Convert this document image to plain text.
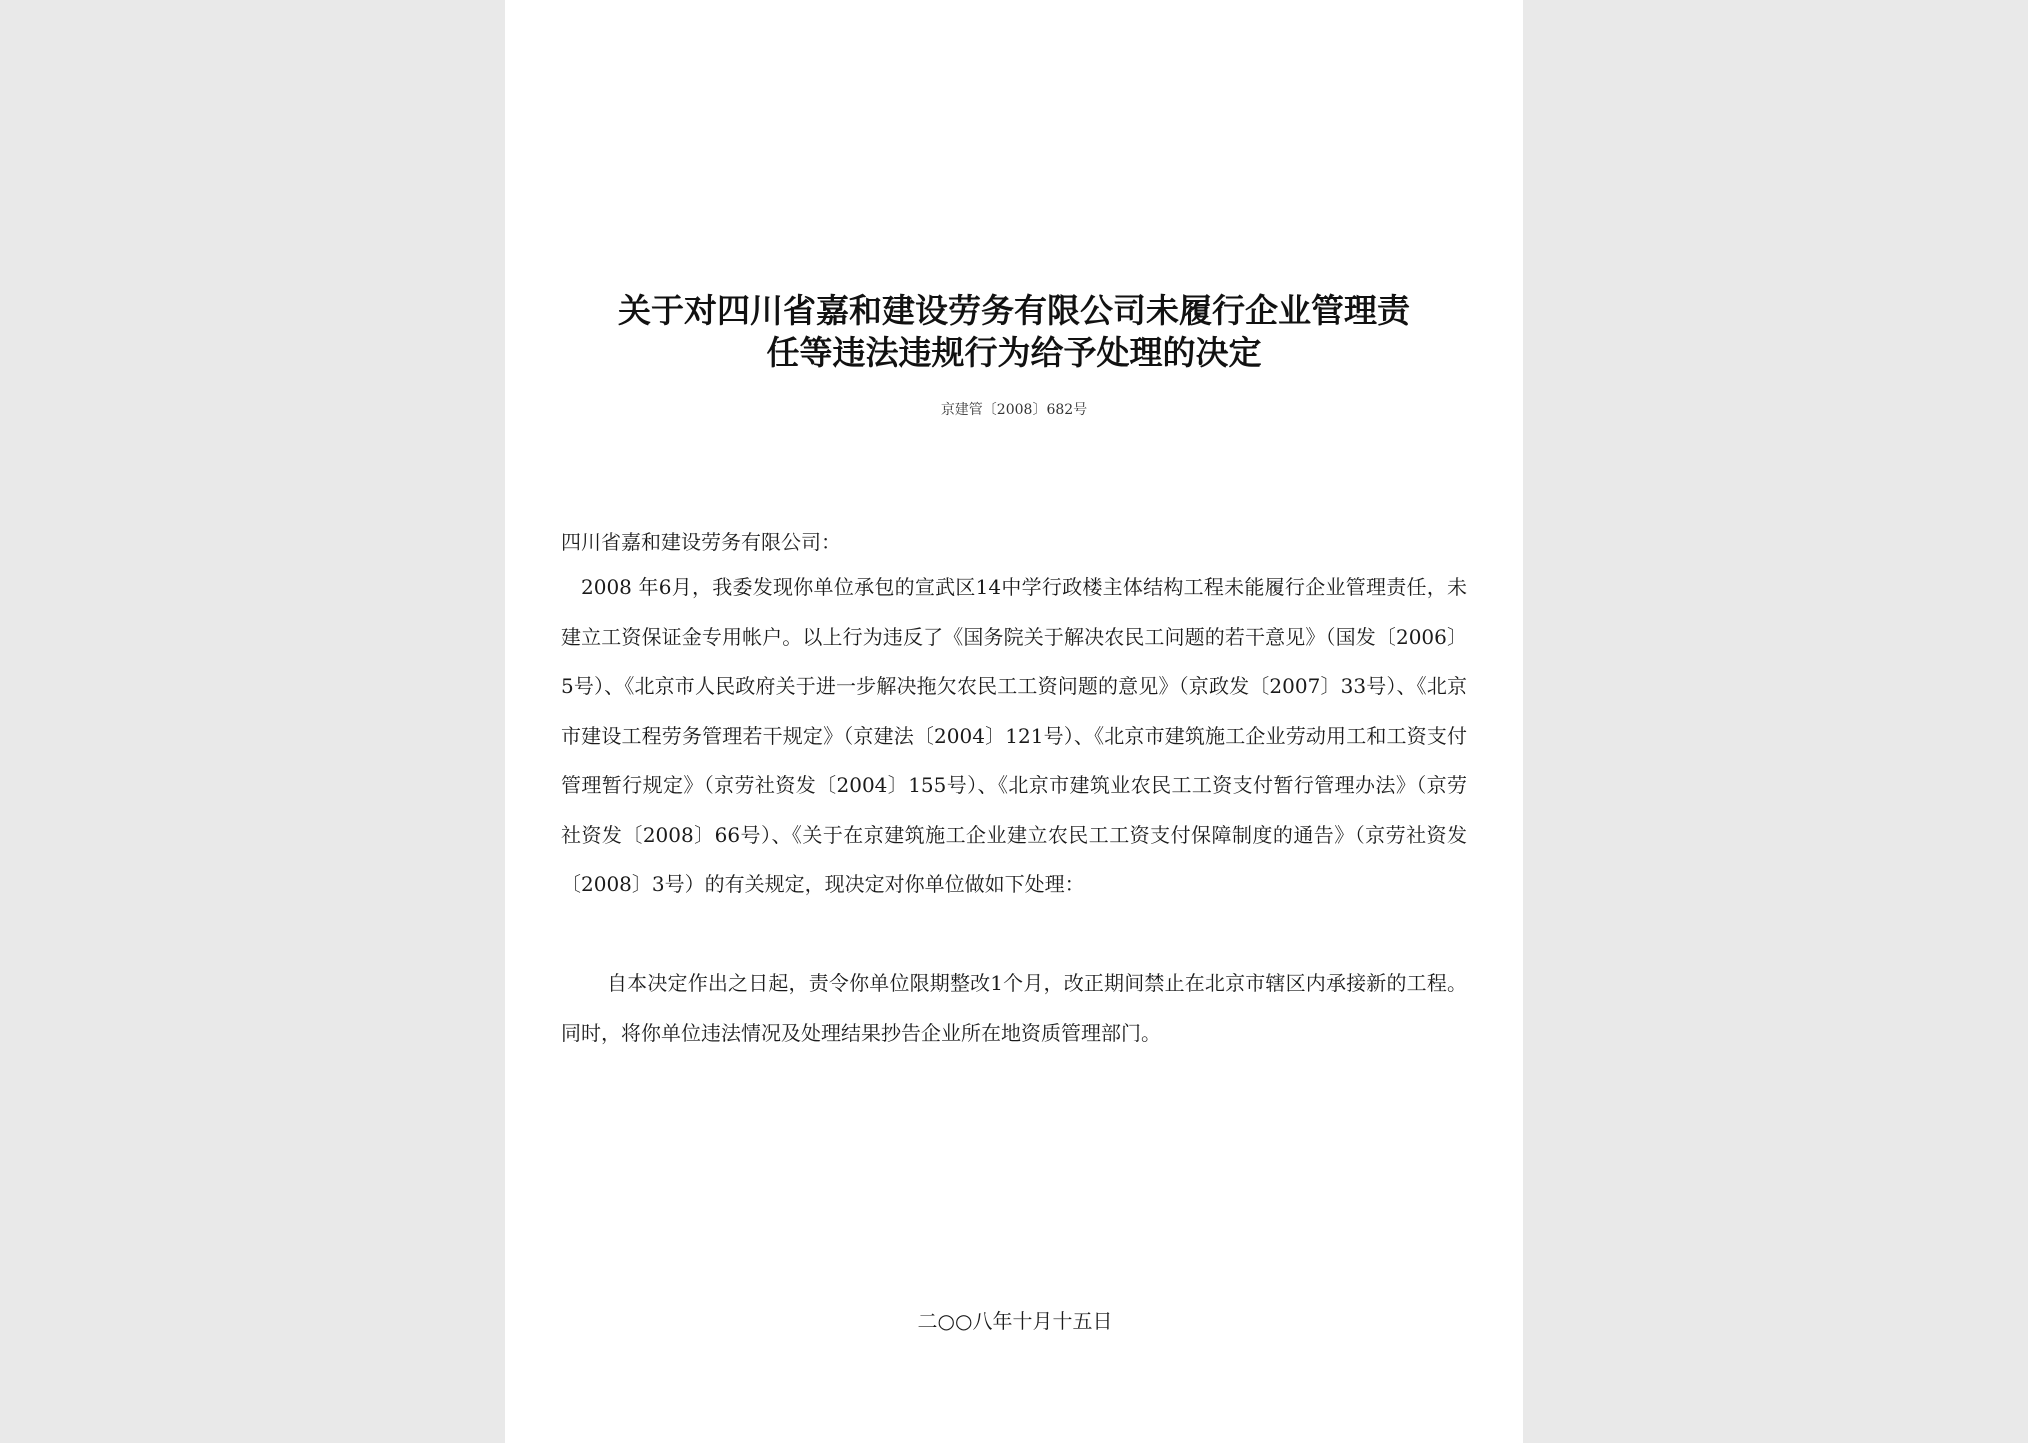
关于对四川省嘉和建设劳务有限公司未履行企业管理责
任等违法违规行为给予处理的决定
京建管〔2008〕682号
四川省嘉和建设劳务有限公司：
2008 年6月，我委发现你单位承包的宣武区14中学行政楼主体结构工程未能履行企业管理责任，未建立工资保证金专用帐户。以上行为违反了《国务院关于解决农民工问题的若干意见》（国发〔2006〕5号）、《北京市人民政府关于进一步解决拖欠农民工工资问题的意见》（京政发〔2007〕33号）、《北京市建设工程劳务管理若干规定》（京建法〔2004〕121号）、《北京市建筑施工企业劳动用工和工资支付管理暂行规定》（京劳社资发〔2004〕155号）、《北京市建筑业农民工工资支付暂行管理办法》（京劳社资发〔2008〕66号）、《关于在京建筑施工企业建立农民工工资支付保障制度的通告》（京劳社资发〔2008〕3号）的有关规定，现决定对你单位做如下处理：
自本决定作出之日起，责令你单位限期整改1个月，改正期间禁止在北京市辖区内承接新的工程。同时，将你单位违法情况及处理结果抄告企业所在地资质管理部门。
二○○八年十月十五日
